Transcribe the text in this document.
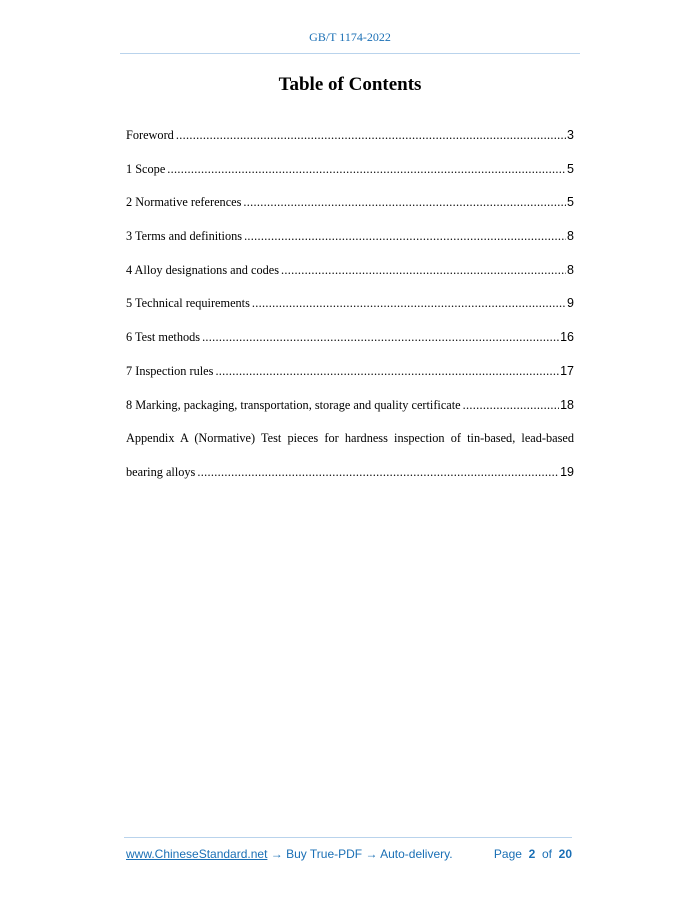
GB/T 1174-2022
Table of Contents
Foreword .....	3
1 Scope .....	5
2 Normative references .....	5
3 Terms and definitions .....	8
4 Alloy designations and codes .....	8
5 Technical requirements .....	9
6 Test methods .....	16
7 Inspection rules .....	17
8 Marking, packaging, transportation, storage and quality certificate .....	18
Appendix A (Normative) Test pieces for hardness inspection of tin-based, lead-based
bearing alloys .....	19
www.ChineseStandard.net → Buy True-PDF → Auto-delivery.	Page 2 of 20
